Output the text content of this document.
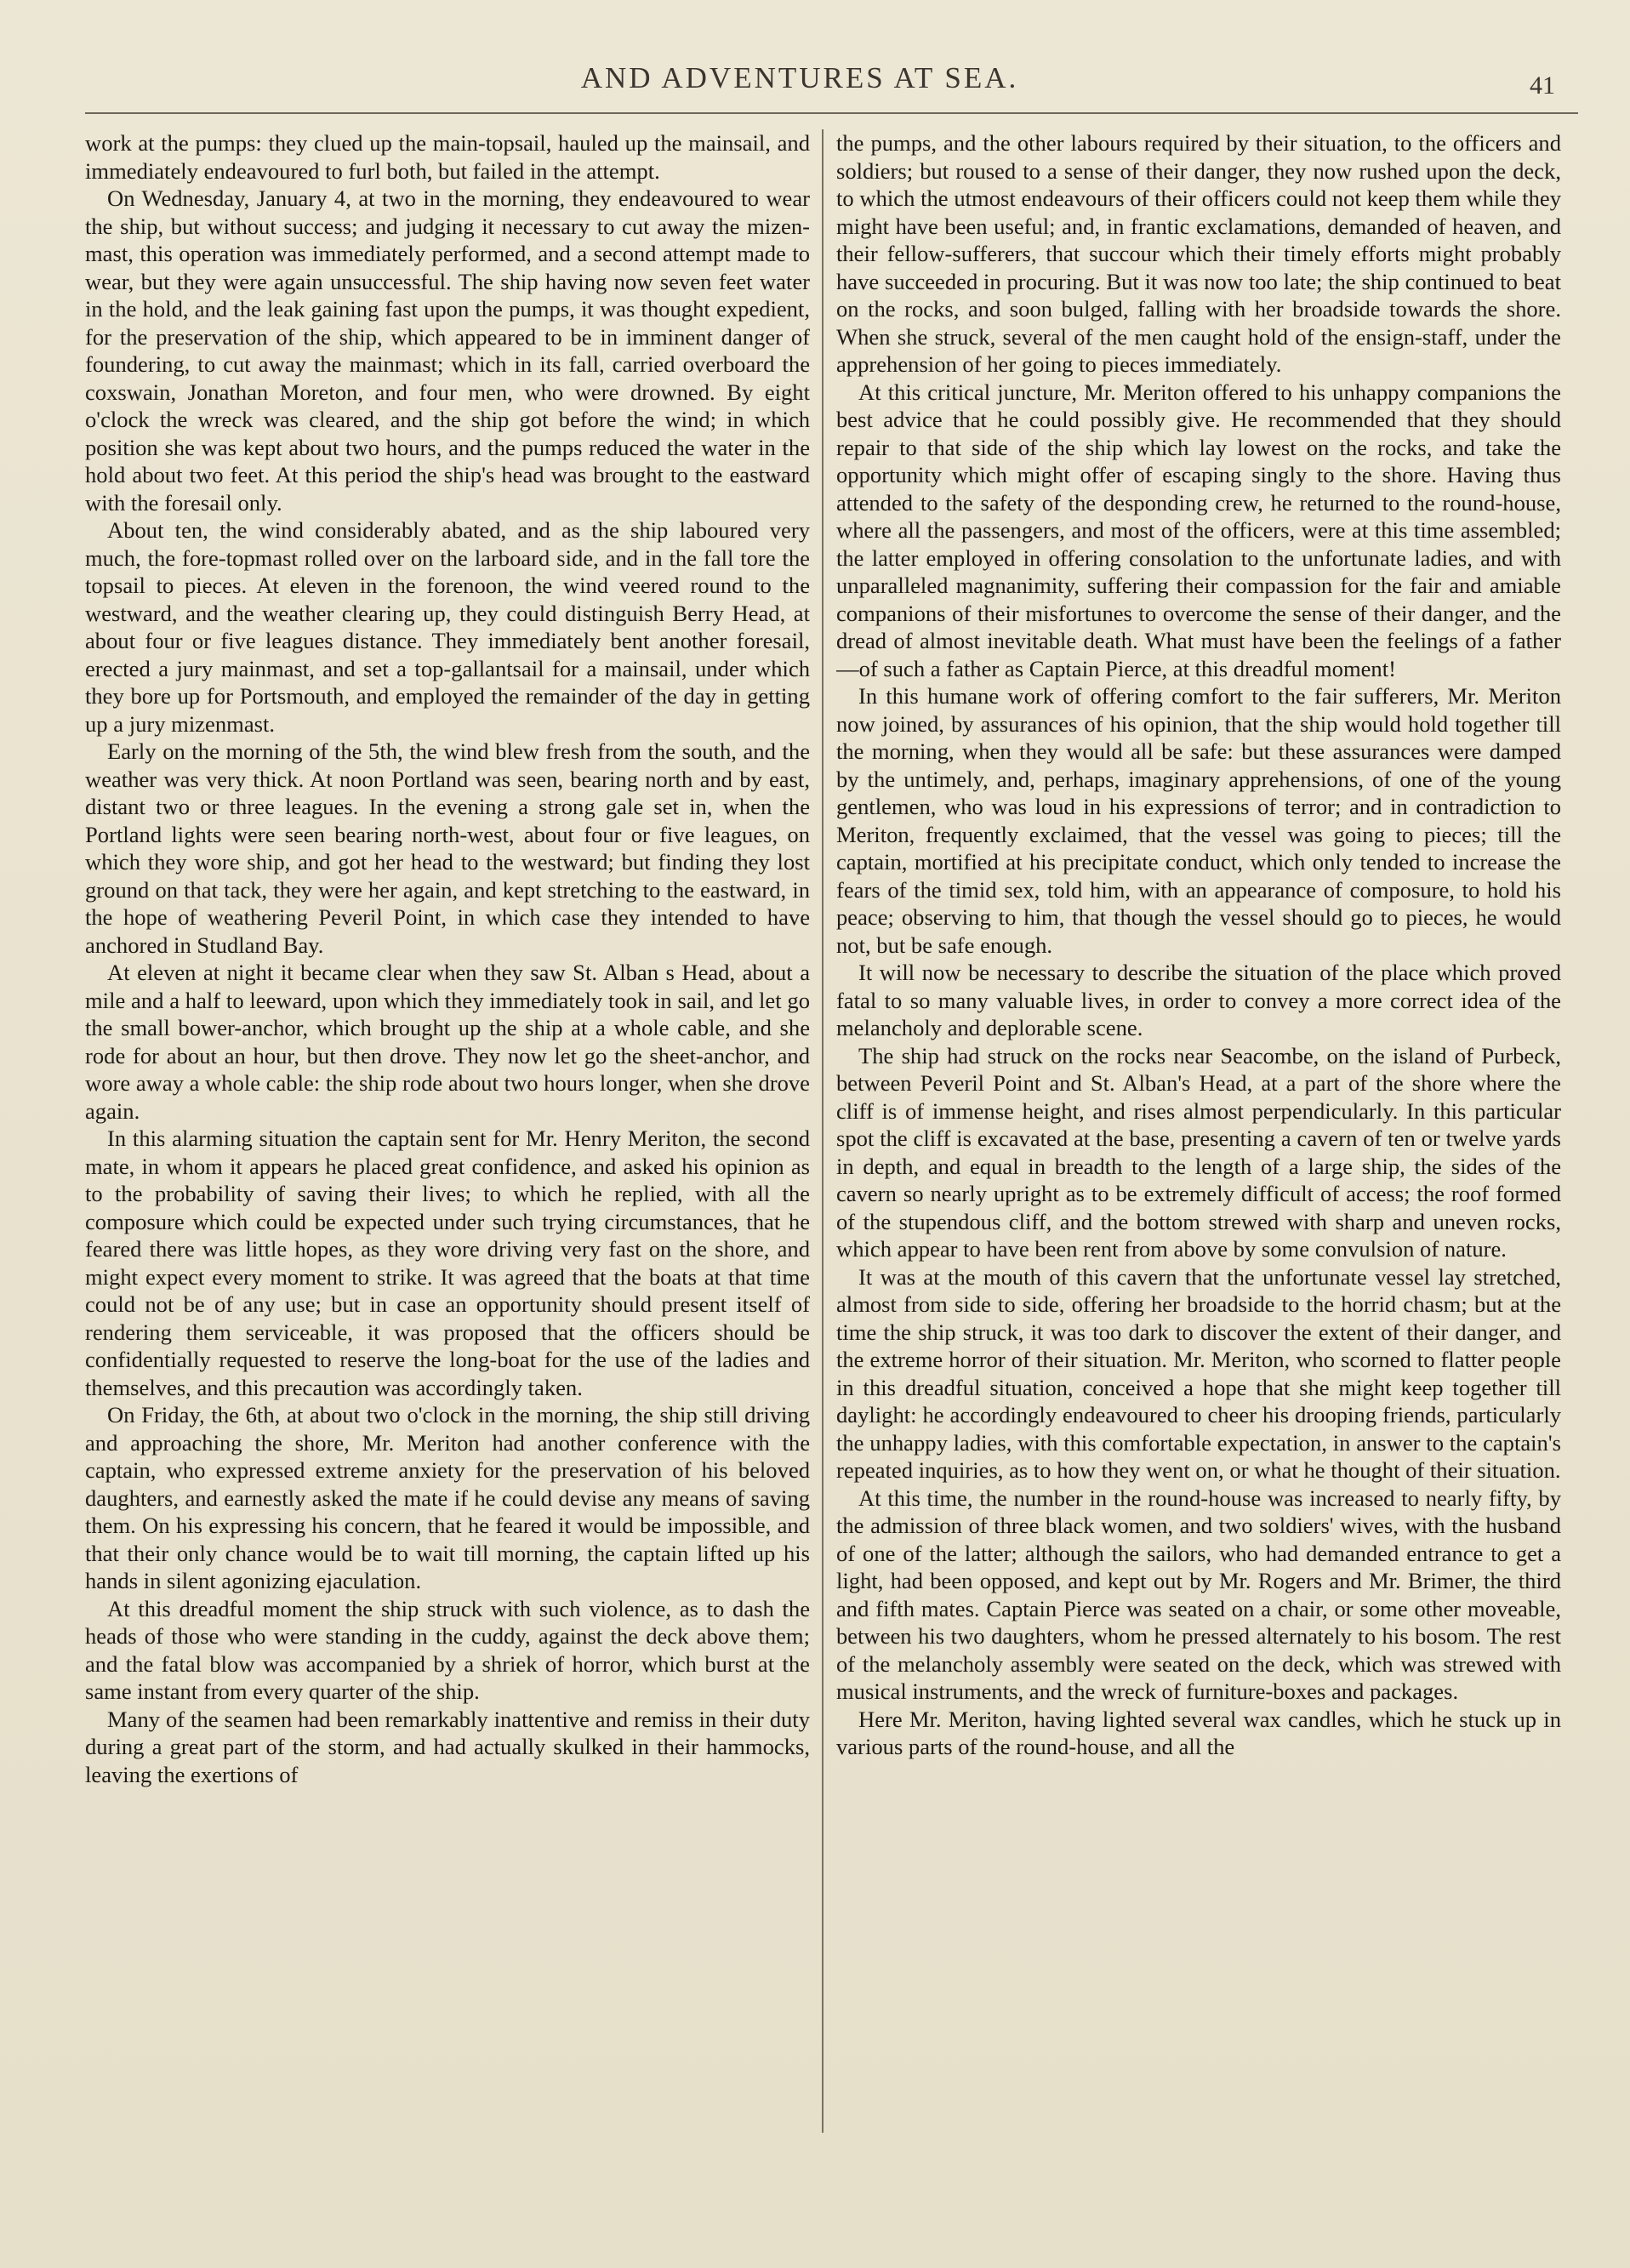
AND ADVENTURES AT SEA.	41

work at the pumps: they clued up the main-topsail, hauled up the mainsail, and immediately endeavoured to furl both, but failed in the attempt.

On Wednesday, January 4, at two in the morning, they endeavoured to wear the ship, but without success; and judging it necessary to cut away the mizen-mast, this operation was immediately performed, and a second attempt made to wear, but they were again unsuccessful. The ship having now seven feet water in the hold, and the leak gaining fast upon the pumps, it was thought expedient, for the preservation of the ship, which appeared to be in imminent danger of foundering, to cut away the mainmast; which in its fall, carried overboard the coxswain, Jonathan Moreton, and four men, who were drowned. By eight o'clock the wreck was cleared, and the ship got before the wind; in which position she was kept about two hours, and the pumps reduced the water in the hold about two feet. At this period the ship's head was brought to the eastward with the foresail only.

About ten, the wind considerably abated, and as the ship laboured very much, the fore-topmast rolled over on the larboard side, and in the fall tore the topsail to pieces. At eleven in the forenoon, the wind veered round to the westward, and the weather clearing up, they could distinguish Berry Head, at about four or five leagues distance. They immediately bent another foresail, erected a jury mainmast, and set a top-gallantsail for a mainsail, under which they bore up for Portsmouth, and employed the remainder of the day in getting up a jury mizenmast.

Early on the morning of the 5th, the wind blew fresh from the south, and the weather was very thick. At noon Portland was seen, bearing north and by east, distant two or three leagues. In the evening a strong gale set in, when the Portland lights were seen bearing north-west, about four or five leagues, on which they wore ship, and got her head to the westward; but finding they lost ground on that tack, they were her again, and kept stretching to the eastward, in the hope of weathering Peveril Point, in which case they intended to have anchored in Studland Bay.

At eleven at night it became clear when they saw St. Alban s Head, about a mile and a half to leeward, upon which they immediately took in sail, and let go the small bower-anchor, which brought up the ship at a whole cable, and she rode for about an hour, but then drove. They now let go the sheet-anchor, and wore away a whole cable: the ship rode about two hours longer, when she drove again.

In this alarming situation the captain sent for Mr. Henry Meriton, the second mate, in whom it appears he placed great confidence, and asked his opinion as to the probability of saving their lives; to which he replied, with all the composure which could be expected under such trying circumstances, that he feared there was little hopes, as they wore driving very fast on the shore, and might expect every moment to strike. It was agreed that the boats at that time could not be of any use; but in case an opportunity should present itself of rendering them serviceable, it was proposed that the officers should be confidentially requested to reserve the long-boat for the use of the ladies and themselves, and this precaution was accordingly taken.

On Friday, the 6th, at about two o'clock in the morning, the ship still driving and approaching the shore, Mr. Meriton had another conference with the captain, who expressed extreme anxiety for the preservation of his beloved daughters, and earnestly asked the mate if he could devise any means of saving them. On his expressing his concern, that he feared it would be impossible, and that their only chance would be to wait till morning, the captain lifted up his hands in silent agonizing ejaculation.

At this dreadful moment the ship struck with such violence, as to dash the heads of those who were standing in the cuddy, against the deck above them; and the fatal blow was accompanied by a shriek of horror, which burst at the same instant from every quarter of the ship.

Many of the seamen had been remarkably inattentive and remiss in their duty during a great part of the storm, and had actually skulked in their hammocks, leaving the exertions of

the pumps, and the other labours required by their situation, to the officers and soldiers; but roused to a sense of their danger, they now rushed upon the deck, to which the utmost endeavours of their officers could not keep them while they might have been useful; and, in frantic exclamations, demanded of heaven, and their fellow-sufferers, that succour which their timely efforts might probably have succeeded in procuring. But it was now too late; the ship continued to beat on the rocks, and soon bulged, falling with her broadside towards the shore. When she struck, several of the men caught hold of the ensign-staff, under the apprehension of her going to pieces immediately.

At this critical juncture, Mr. Meriton offered to his unhappy companions the best advice that he could possibly give. He recommended that they should repair to that side of the ship which lay lowest on the rocks, and take the opportunity which might offer of escaping singly to the shore. Having thus attended to the safety of the desponding crew, he returned to the round-house, where all the passengers, and most of the officers, were at this time assembled; the latter employed in offering consolation to the unfortunate ladies, and with unparalleled magnanimity, suffering their compassion for the fair and amiable companions of their misfortunes to overcome the sense of their danger, and the dread of almost inevitable death. What must have been the feelings of a father—of such a father as Captain Pierce, at this dreadful moment!

In this humane work of offering comfort to the fair sufferers, Mr. Meriton now joined, by assurances of his opinion, that the ship would hold together till the morning, when they would all be safe: but these assurances were damped by the untimely, and, perhaps, imaginary apprehensions, of one of the young gentlemen, who was loud in his expressions of terror; and in contradiction to Meriton, frequently exclaimed, that the vessel was going to pieces; till the captain, mortified at his precipitate conduct, which only tended to increase the fears of the timid sex, told him, with an appearance of composure, to hold his peace; observing to him, that though the vessel should go to pieces, he would not, but be safe enough.

It will now be necessary to describe the situation of the place which proved fatal to so many valuable lives, in order to convey a more correct idea of the melancholy and deplorable scene.

The ship had struck on the rocks near Seacombe, on the island of Purbeck, between Peveril Point and St. Alban's Head, at a part of the shore where the cliff is of immense height, and rises almost perpendicularly. In this particular spot the cliff is excavated at the base, presenting a cavern of ten or twelve yards in depth, and equal in breadth to the length of a large ship, the sides of the cavern so nearly upright as to be extremely difficult of access; the roof formed of the stupendous cliff, and the bottom strewed with sharp and uneven rocks, which appear to have been rent from above by some convulsion of nature.

It was at the mouth of this cavern that the unfortunate vessel lay stretched, almost from side to side, offering her broadside to the horrid chasm; but at the time the ship struck, it was too dark to discover the extent of their danger, and the extreme horror of their situation. Mr. Meriton, who scorned to flatter people in this dreadful situation, conceived a hope that she might keep together till daylight: he accordingly endeavoured to cheer his drooping friends, particularly the unhappy ladies, with this comfortable expectation, in answer to the captain's repeated inquiries, as to how they went on, or what he thought of their situation.

At this time, the number in the round-house was increased to nearly fifty, by the admission of three black women, and two soldiers' wives, with the husband of one of the latter; although the sailors, who had demanded entrance to get a light, had been opposed, and kept out by Mr. Rogers and Mr. Brimer, the third and fifth mates. Captain Pierce was seated on a chair, or some other moveable, between his two daughters, whom he pressed alternately to his bosom. The rest of the melancholy assembly were seated on the deck, which was strewed with musical instruments, and the wreck of furniture-boxes and packages.

Here Mr. Meriton, having lighted several wax candles, which he stuck up in various parts of the round-house, and all the
